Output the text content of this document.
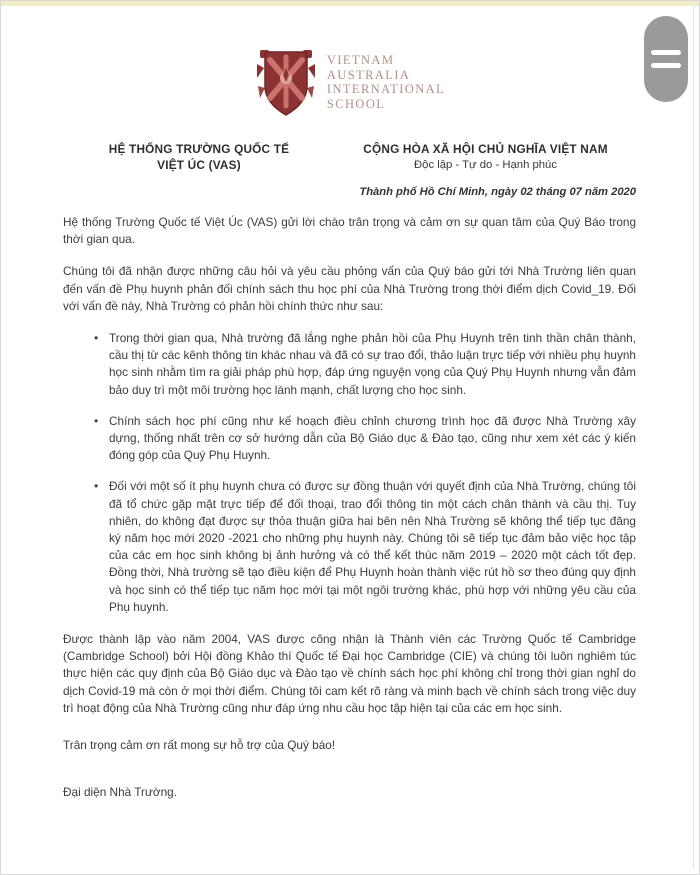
VIETNAM
AUSTRALIA
INTERNATIONAL
SCHOOL
HỆ THỐNG TRƯỜNG QUỐC TẾ
VIỆT ÚC (VAS)
CỘNG HÒA XÃ HỘI CHỦ NGHĨA VIỆT NAM
Độc lập - Tự do - Hạnh phúc
Thành phố Hồ Chí Minh, ngày 02 tháng 07 năm 2020

Hệ thống Trường Quốc tế Việt Úc (VAS) gửi lời chào trân trọng và cảm ơn sự quan tâm của Quý Báo trong thời gian qua.

Chúng tôi đã nhận được những câu hỏi và yêu cầu phỏng vấn của Quý báo gửi tới Nhà Trường liên quan đến vấn đề Phụ huynh phản đối chính sách thu học phí của Nhà Trường trong thời điểm dịch Covid_19. Đối với vấn đề này, Nhà Trường có phản hồi chính thức như sau:

• Trong thời gian qua, Nhà trường đã lắng nghe phản hồi của Phụ Huynh trên tinh thần chân thành, cầu thị từ các kênh thông tin khác nhau và đã có sự trao đổi, thảo luận trực tiếp với nhiều phụ huynh học sinh nhằm tìm ra giải pháp phù hợp, đáp ứng nguyện vọng của Quý Phụ Huynh nhưng vẫn đảm bảo duy trì một môi trường học lành mạnh, chất lượng cho học sinh.
• Chính sách học phí cũng như kế hoạch điều chỉnh chương trình học đã được Nhà Trường xây dựng, thống nhất trên cơ sở hướng dẫn của Bộ Giáo dục & Đào tạo, cũng như xem xét các ý kiến đóng góp của Quý Phụ Huynh.
• Đối với một số ít phụ huynh chưa có được sự đồng thuận với quyết định của Nhà Trường, chúng tôi đã tổ chức gặp mặt trực tiếp để đối thoại, trao đổi thông tin một cách chân thành và cầu thị. Tuy nhiên, do không đạt được sự thỏa thuận giữa hai bên nên Nhà Trường sẽ không thể tiếp tục đăng ký năm học mới 2020 -2021 cho những phụ huynh này. Chúng tôi sẽ tiếp tục đảm bảo việc học tập của các em học sinh không bị ảnh hưởng và có thể kết thúc năm 2019 – 2020 một cách tốt đẹp. Đồng thời, Nhà trường sẽ tạo điều kiện để Phụ Huynh hoàn thành việc rút hồ sơ theo đúng quy định và học sinh có thể tiếp tục năm học mới tại một ngôi trường khác, phù hợp với những yêu cầu của Phụ huynh.

Được thành lập vào năm 2004, VAS được công nhận là Thành viên các Trường Quốc tế Cambridge (Cambridge School) bởi Hội đồng Khảo thí Quốc tế Đại học Cambridge (CIE) và chúng tôi luôn nghiêm túc thực hiện các quy định của Bộ Giáo dục và Đào tạo về chính sách học phí không chỉ trong thời gian nghỉ do dịch Covid-19 mà còn ở mọi thời điểm. Chúng tôi cam kết rõ ràng và minh bạch về chính sách trong việc duy trì hoạt động của Nhà Trường cũng như đáp ứng nhu cầu học tập hiện tại của các em học sinh.

Trân trọng cảm ơn rất mong sự hỗ trợ của Quý báo!

Đại diện Nhà Trường.
